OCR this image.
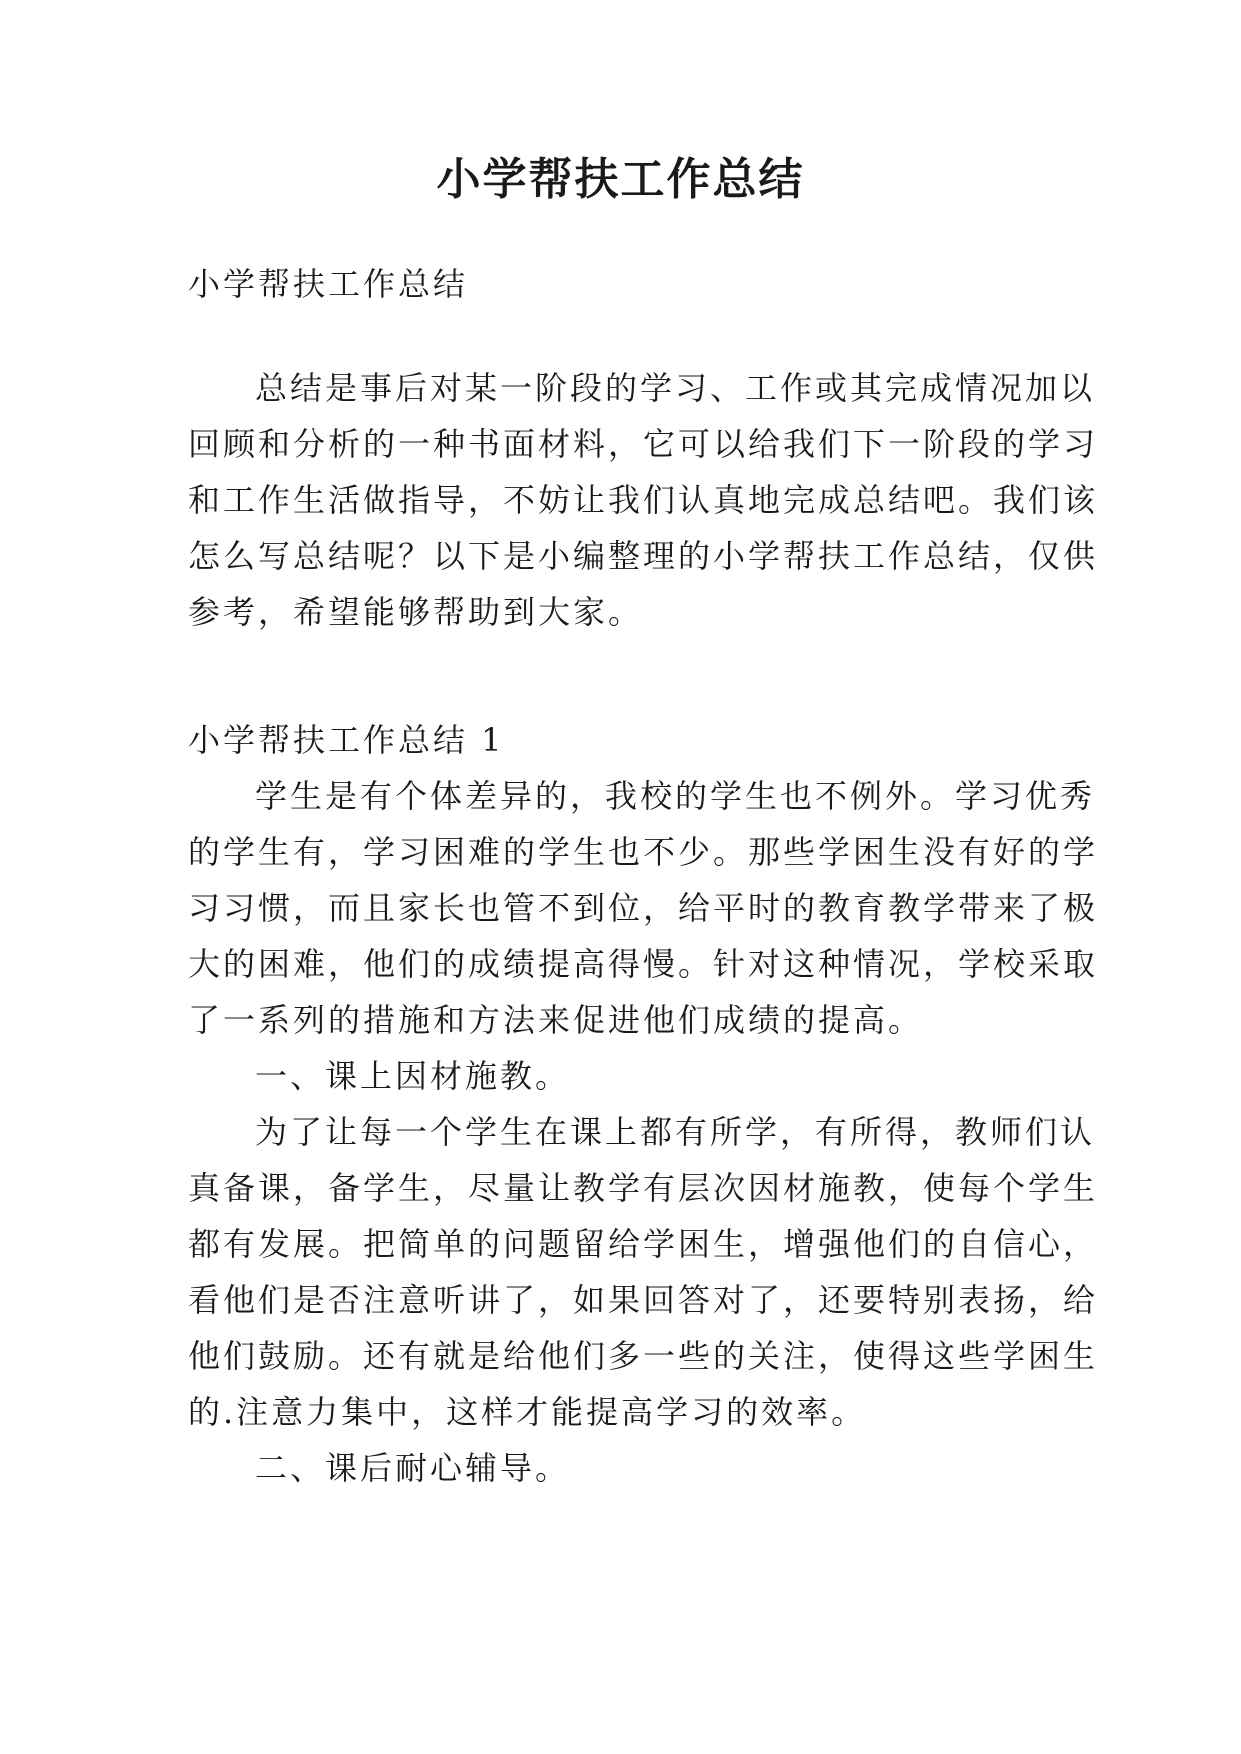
小学帮扶工作总结
小学帮扶工作总结
总结是事后对某一阶段的学习、工作或其完成情况加以
回顾和分析的一种书面材料，它可以给我们下一阶段的学习
和工作生活做指导，不妨让我们认真地完成总结吧。我们该
怎么写总结呢？以下是小编整理的小学帮扶工作总结，仅供
参考，希望能够帮助到大家。
小学帮扶工作总结 1
学生是有个体差异的，我校的学生也不例外。学习优秀
的学生有，学习困难的学生也不少。那些学困生没有好的学
习习惯，而且家长也管不到位，给平时的教育教学带来了极
大的困难，他们的成绩提高得慢。针对这种情况，学校采取
了一系列的措施和方法来促进他们成绩的提高。
一、课上因材施教。
为了让每一个学生在课上都有所学，有所得，教师们认
真备课，备学生，尽量让教学有层次因材施教，使每个学生
都有发展。把简单的问题留给学困生，增强他们的自信心，
看他们是否注意听讲了，如果回答对了，还要特别表扬，给
他们鼓励。还有就是给他们多一些的关注，使得这些学困生
的.注意力集中，这样才能提高学习的效率。
二、课后耐心辅导。
